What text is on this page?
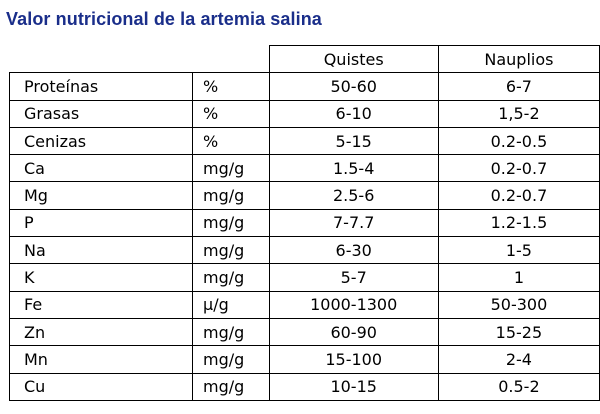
Valor nutricional de la artemia salina
		Quistes	Nauplios
Proteínas	%	50-60	6-7
Grasas	%	6-10	1,5-2
Cenizas	%	5-15	0.2-0.5
Ca	mg/g	1.5-4	0.2-0.7
Mg	mg/g	2.5-6	0.2-0.7
P	mg/g	7-7.7	1.2-1.5
Na	mg/g	6-30	1-5
K	mg/g	5-7	1
Fe	µ/g	1000-1300	50-300
Zn	mg/g	60-90	15-25
Mn	mg/g	15-100	2-4
Cu	mg/g	10-15	0.5-2
